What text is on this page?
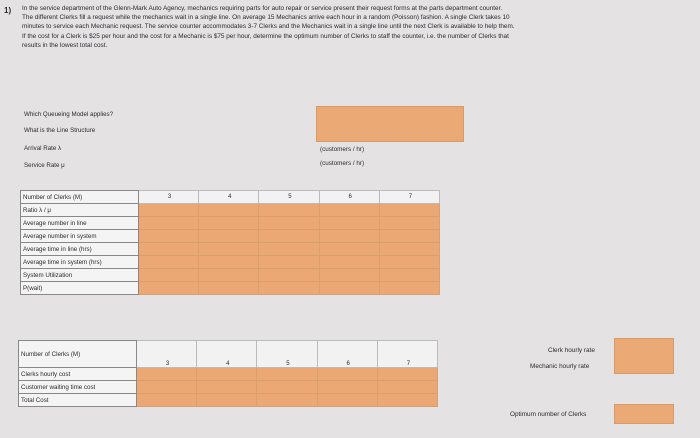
1) In the service department of the Glenn-Mark Auto Agency, mechanics requiring parts for auto repair or service present their request forms at the parts department counter.

The different Clerks fill a request while the mechanics wait in a single line. On average 15 Mechanics arrive each hour in a random (Poisson) fashion. A single Clerk takes 10

minutes to service each Mechanic request. The service counter accommodates 3-7 Clerks and the Mechanics wait in a single line until the next Clerk is available to help them.

If the cost for a Clerk is $25 per hour and the cost for a Mechanic is $75 per hour, determine the optimum number of Clerks to staff the counter, i.e. the number of Clerks that

results in the lowest total cost.

Which Queueing Model applies?
What is the Line Structure
Arrival Rate λ
Service Rate μ
(customers / hr)
(customers / hr)
Number of Clerks (M)	3	4	5	6	7
Ratio λ / μ					
Average number in line					
Average number in system					
Average time in line (hrs)					
Average time in system (hrs)					
System Utilization					
P(wait)					
Number of Clerks (M)	3	4	5	6	7
Clerks hourly cost					
Customer waiting time cost					
Total Cost					
Clerk hourly rate
Mechanic hourly rate
Optimum number of Clerks
